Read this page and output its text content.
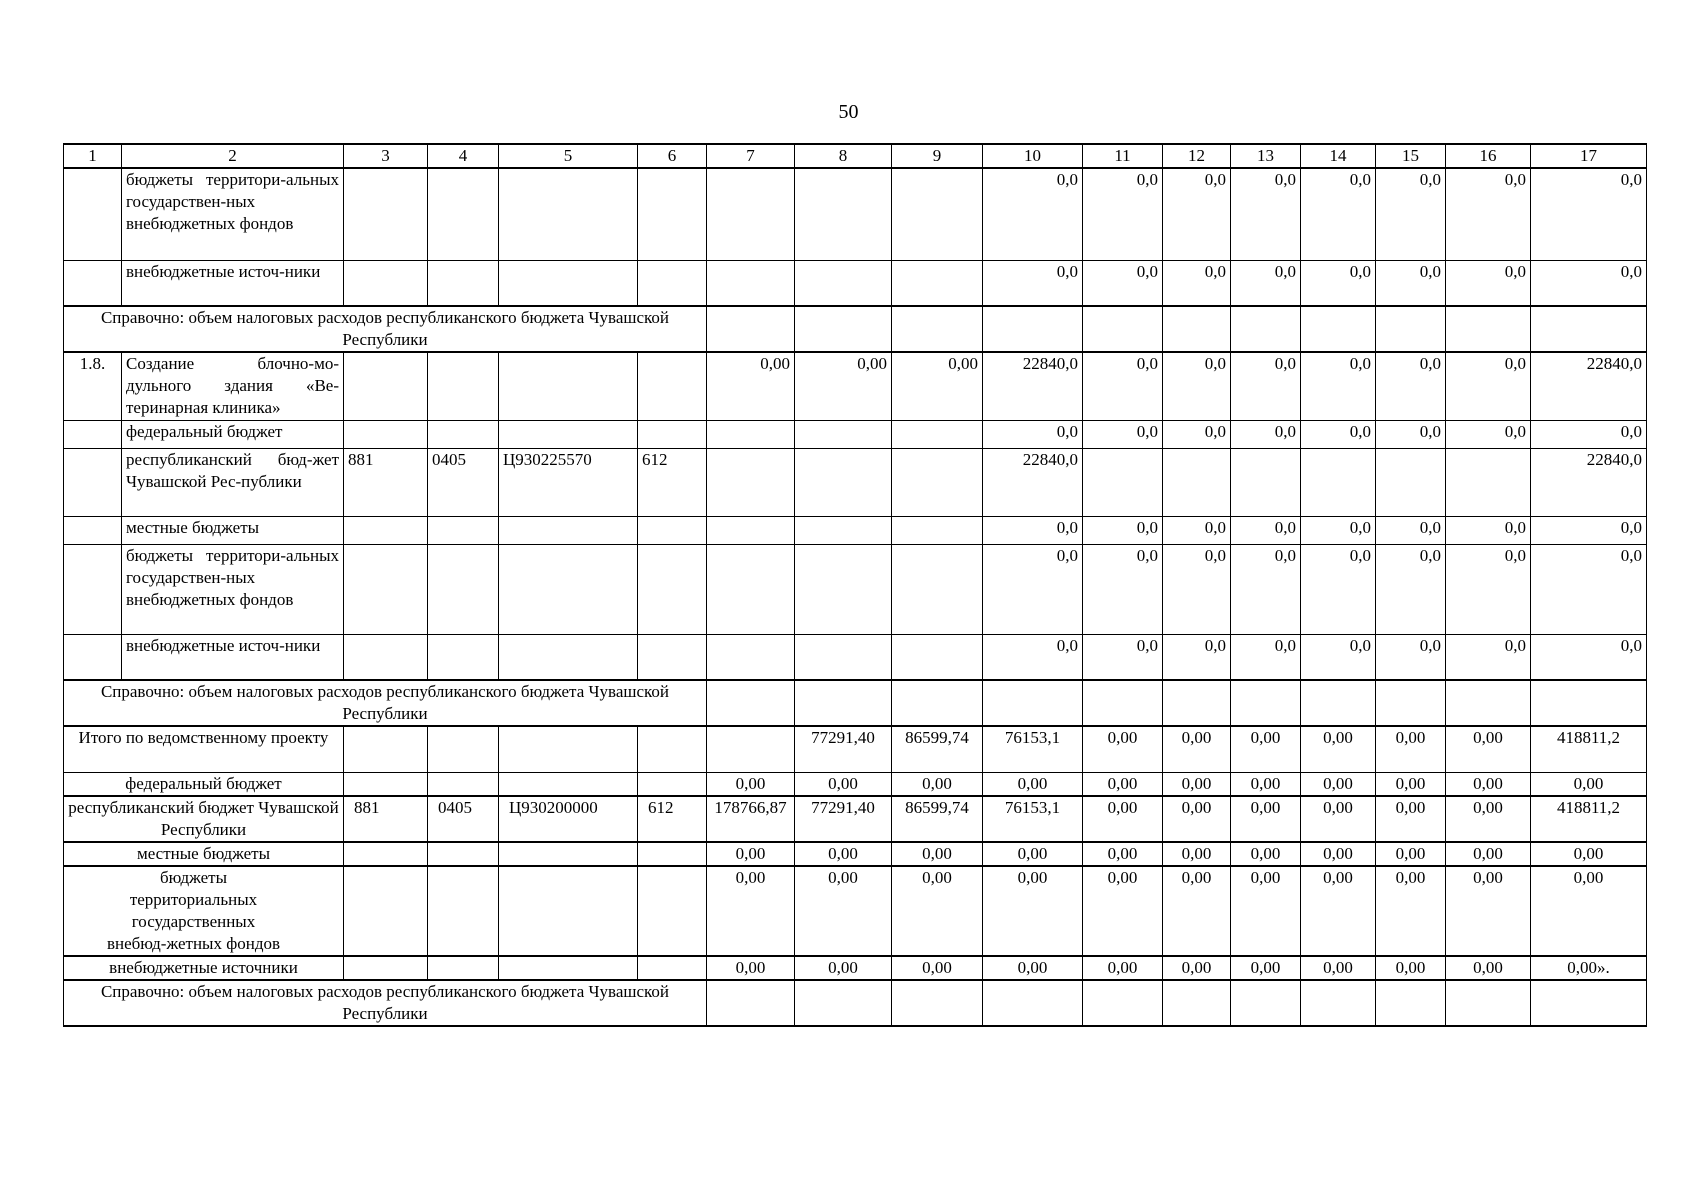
50
1	2	3	4	5	6	7	8	9	10	11	12	13	14	15	16	17
	бюджеты территори-альных государствен-ных внебюджетных фондов								0,0	0,0	0,0	0,0	0,0	0,0	0,0	0,0
	внебюджетные источ-ники								0,0	0,0	0,0	0,0	0,0	0,0	0,0	0,0
Справочно: объем налоговых расходов республиканского бюджета Чувашской Республики																
1.8.	Создание блочно-мо-дульного здания «Ве-теринарная клиника»					0,00	0,00	0,00	22840,0	0,0	0,0	0,0	0,0	0,0	0,0	22840,0
	федеральный бюджет								0,0	0,0	0,0	0,0	0,0	0,0	0,0	0,0
	республиканский бюд-жет Чувашской Рес-публики	881	0405	Ц930225570	612				22840,0							22840,0
	местные бюджеты								0,0	0,0	0,0	0,0	0,0	0,0	0,0	0,0
	бюджеты территори-альных государствен-ных внебюджетных фондов								0,0	0,0	0,0	0,0	0,0	0,0	0,0	0,0
	внебюджетные источ-ники								0,0	0,0	0,0	0,0	0,0	0,0	0,0	0,0
Справочно: объем налоговых расходов республиканского бюджета Чувашской Республики																
Итого по ведомственному проекту							77291,40	86599,74	76153,1	0,00	0,00	0,00	0,00	0,00	0,00	418811,2
федеральный бюджет						0,00	0,00	0,00	0,00	0,00	0,00	0,00	0,00	0,00	0,00	0,00
республиканский бюджет Чувашской Республики		881	0405	Ц930200000	612	178766,87	77291,40	86599,74	76153,1	0,00	0,00	0,00	0,00	0,00	0,00	418811,2
местные бюджеты						0,00	0,00	0,00	0,00	0,00	0,00	0,00	0,00	0,00	0,00	0,00
бюджеты территориальных государственных внебюд-жетных фондов						0,00	0,00	0,00	0,00	0,00	0,00	0,00	0,00	0,00	0,00	0,00
внебюджетные источники						0,00	0,00	0,00	0,00	0,00	0,00	0,00	0,00	0,00	0,00	0,00».
Справочно: объем налоговых расходов республиканского бюджета Чувашской Республики																
